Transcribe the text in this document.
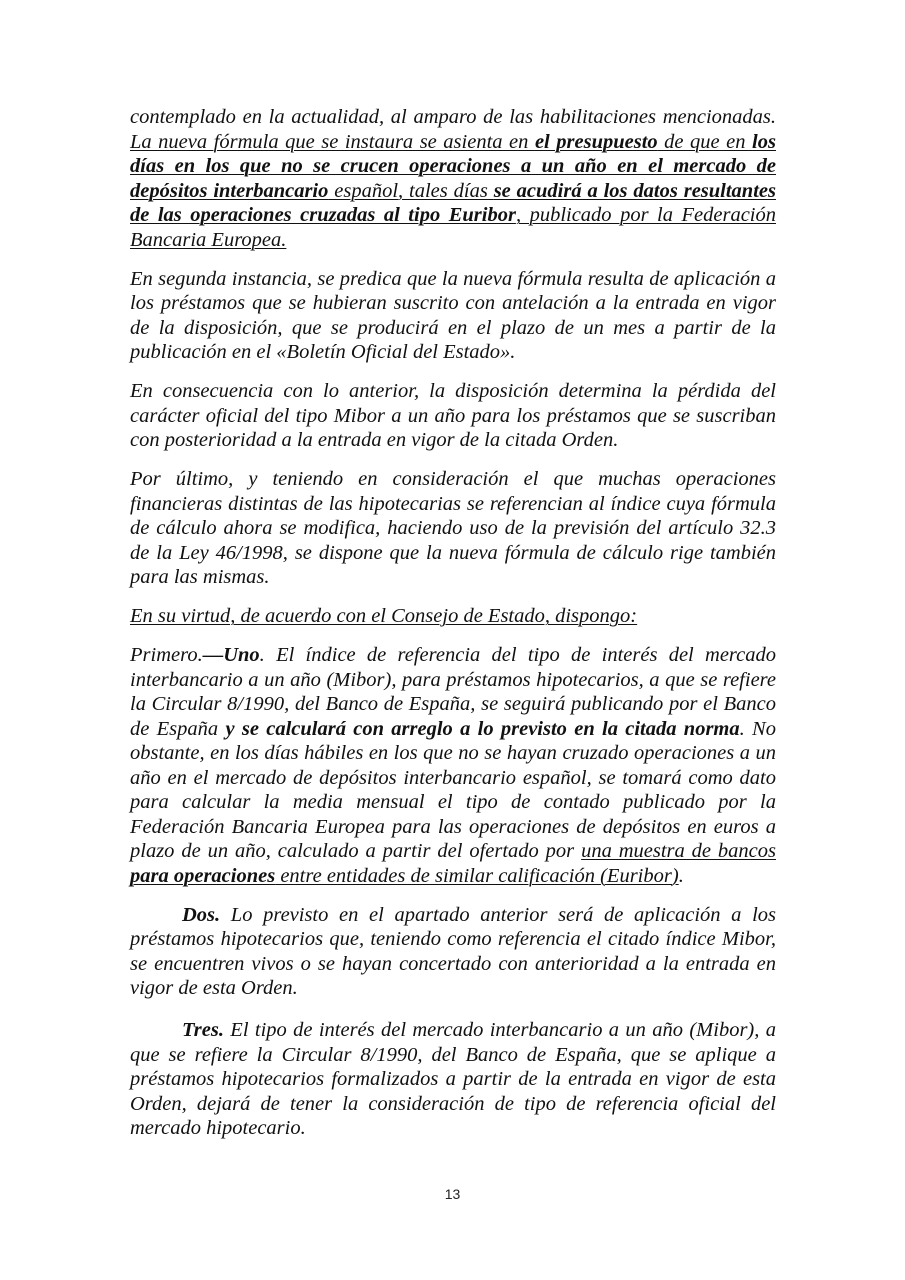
contemplado en la actualidad, al amparo de las habilitaciones mencionadas. La nueva fórmula que se instaura se asienta en el presupuesto de que en los días en los que no se crucen operaciones a un año en el mercado de depósitos interbancario español, tales días se acudirá a los datos resultantes de las operaciones cruzadas al tipo Euribor, publicado por la Federación Bancaria Europea.

En segunda instancia, se predica que la nueva fórmula resulta de aplicación a los préstamos que se hubieran suscrito con antelación a la entrada en vigor de la disposición, que se producirá en el plazo de un mes a partir de la publicación en el «Boletín Oficial del Estado».

En consecuencia con lo anterior, la disposición determina la pérdida del carácter oficial del tipo Mibor a un año para los préstamos que se suscriban con posterioridad a la entrada en vigor de la citada Orden.

Por último, y teniendo en consideración el que muchas operaciones financieras distintas de las hipotecarias se referencian al índice cuya fórmula de cálculo ahora se modifica, haciendo uso de la previsión del artículo 32.3 de la Ley 46/1998, se dispone que la nueva fórmula de cálculo rige también para las mismas.

En su virtud, de acuerdo con el Consejo de Estado, dispongo:

Primero.—Uno. El índice de referencia del tipo de interés del mercado interbancario a un año (Mibor), para préstamos hipotecarios, a que se refiere la Circular 8/1990, del Banco de España, se seguirá publicando por el Banco de España y se calculará con arreglo a lo previsto en la citada norma. No obstante, en los días hábiles en los que no se hayan cruzado operaciones a un año en el mercado de depósitos interbancario español, se tomará como dato para calcular la media mensual el tipo de contado publicado por la Federación Bancaria Europea para las operaciones de depósitos en euros a plazo de un año, calculado a partir del ofertado por una muestra de bancos para operaciones entre entidades de similar calificación (Euribor).

Dos. Lo previsto en el apartado anterior será de aplicación a los préstamos hipotecarios que, teniendo como referencia el citado índice Mibor, se encuentren vivos o se hayan concertado con anterioridad a la entrada en vigor de esta Orden.

Tres. El tipo de interés del mercado interbancario a un año (Mibor), a que se refiere la Circular 8/1990, del Banco de España, que se aplique a préstamos hipotecarios formalizados a partir de la entrada en vigor de esta Orden, dejará de tener la consideración de tipo de referencia oficial del mercado hipotecario.

13
